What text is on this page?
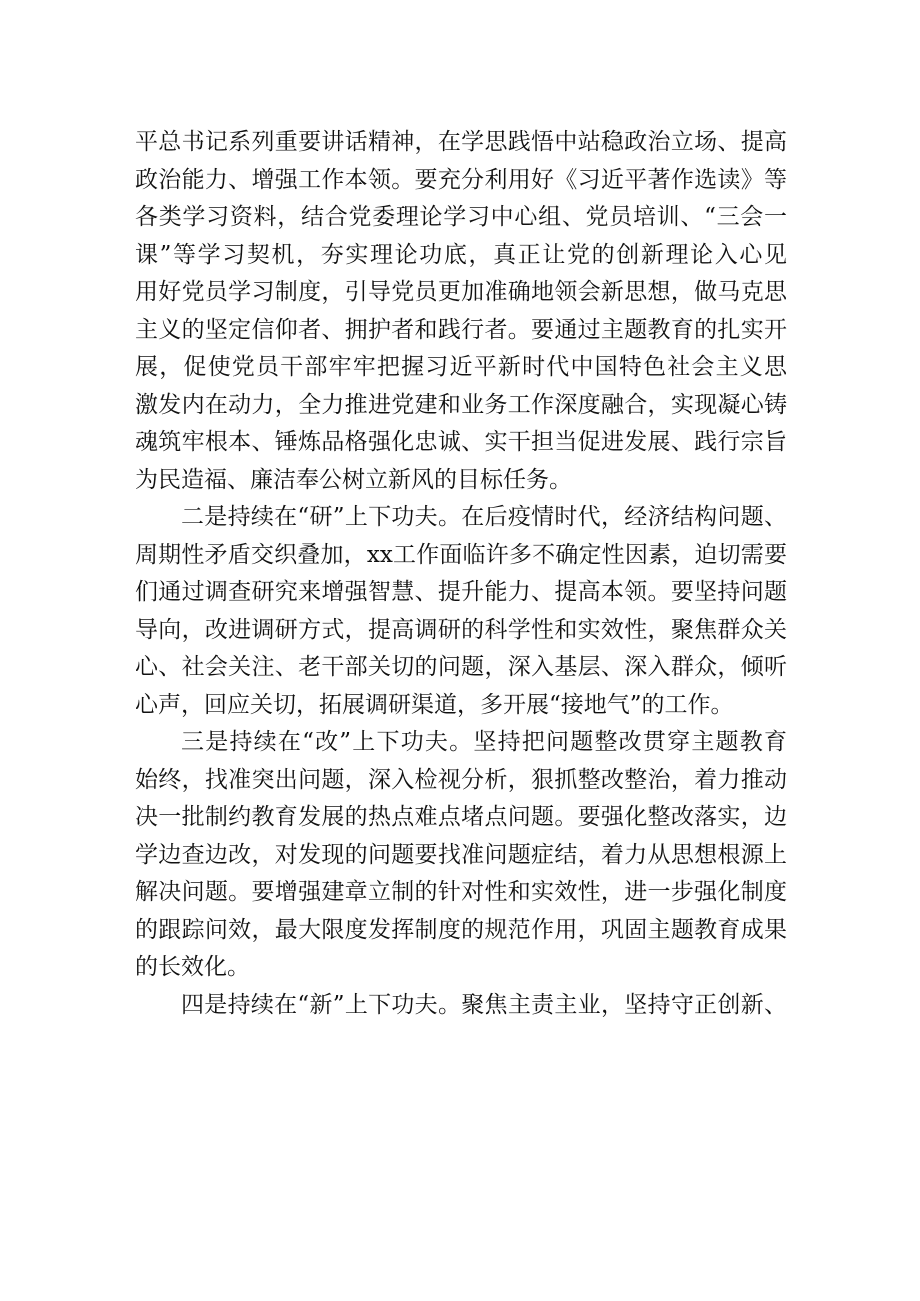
平总书记系列重要讲话精神，在学思践悟中站稳政治立场、提高
政治能力、增强工作本领。要充分利用好《习近平著作选读》等
各类学习资料，结合党委理论学习中心组、党员培训、“三会一
课”等学习契机，夯实理论功底，真正让党的创新理论入心见
用好党员学习制度，引导党员更加准确地领会新思想，做马克思
主义的坚定信仰者、拥护者和践行者。要通过主题教育的扎实开
展，促使党员干部牢牢把握习近平新时代中国特色社会主义思
激发内在动力，全力推进党建和业务工作深度融合，实现凝心铸
魂筑牢根本、锤炼品格强化忠诚、实干担当促进发展、践行宗旨
为民造福、廉洁奉公树立新风的目标任务。
二是持续在“研”上下功夫。在后疫情时代，经济结构问题、
周期性矛盾交织叠加，xx工作面临许多不确定性因素，迫切需要
们通过调查研究来增强智慧、提升能力、提高本领。要坚持问题
导向，改进调研方式，提高调研的科学性和实效性，聚焦群众关
心、社会关注、老干部关切的问题，深入基层、深入群众，倾听
心声，回应关切，拓展调研渠道，多开展“接地气”的工作。
三是持续在“改”上下功夫。坚持把问题整改贯穿主题教育
始终，找准突出问题，深入检视分析，狠抓整改整治，着力推动
决一批制约教育发展的热点难点堵点问题。要强化整改落实，边
学边查边改，对发现的问题要找准问题症结，着力从思想根源上
解决问题。要增强建章立制的针对性和实效性，进一步强化制度
的跟踪问效，最大限度发挥制度的规范作用，巩固主题教育成果
的长效化。
四是持续在“新”上下功夫。聚焦主责主业，坚持守正创新、
